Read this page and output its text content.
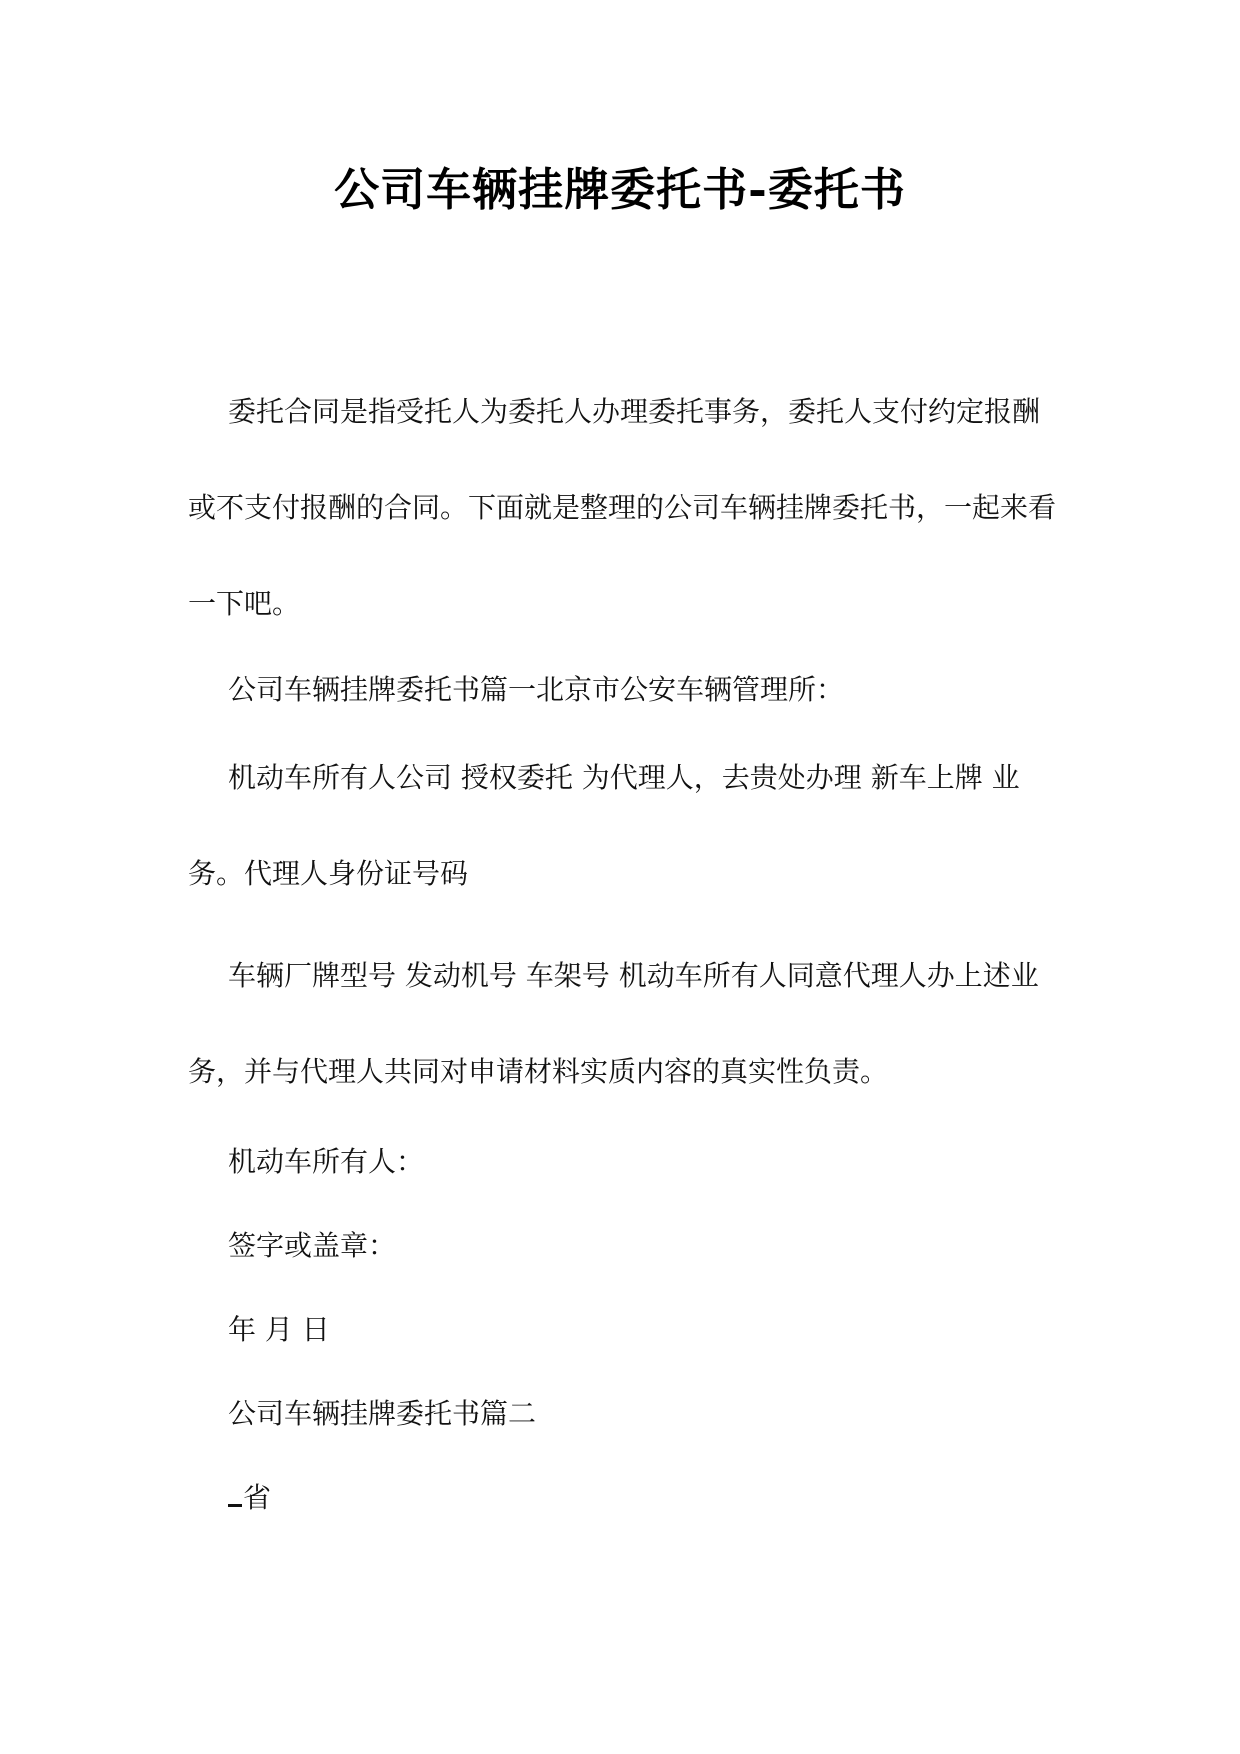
公司车辆挂牌委托书-委托书

委托合同是指受托人为委托人办理委托事务，委托人支付约定报酬或不支付报酬的合同。下面就是整理的公司车辆挂牌委托书，一起来看一下吧。

公司车辆挂牌委托书篇一北京市公安车辆管理所：

机动车所有人公司 授权委托 为代理人，去贵处办理 新车上牌 业务。代理人身份证号码

车辆厂牌型号 发动机号 车架号 机动车所有人同意代理人办上述业务，并与代理人共同对申请材料实质内容的真实性负责。

机动车所有人：

签字或盖章：

年 月 日

公司车辆挂牌委托书篇二

省
